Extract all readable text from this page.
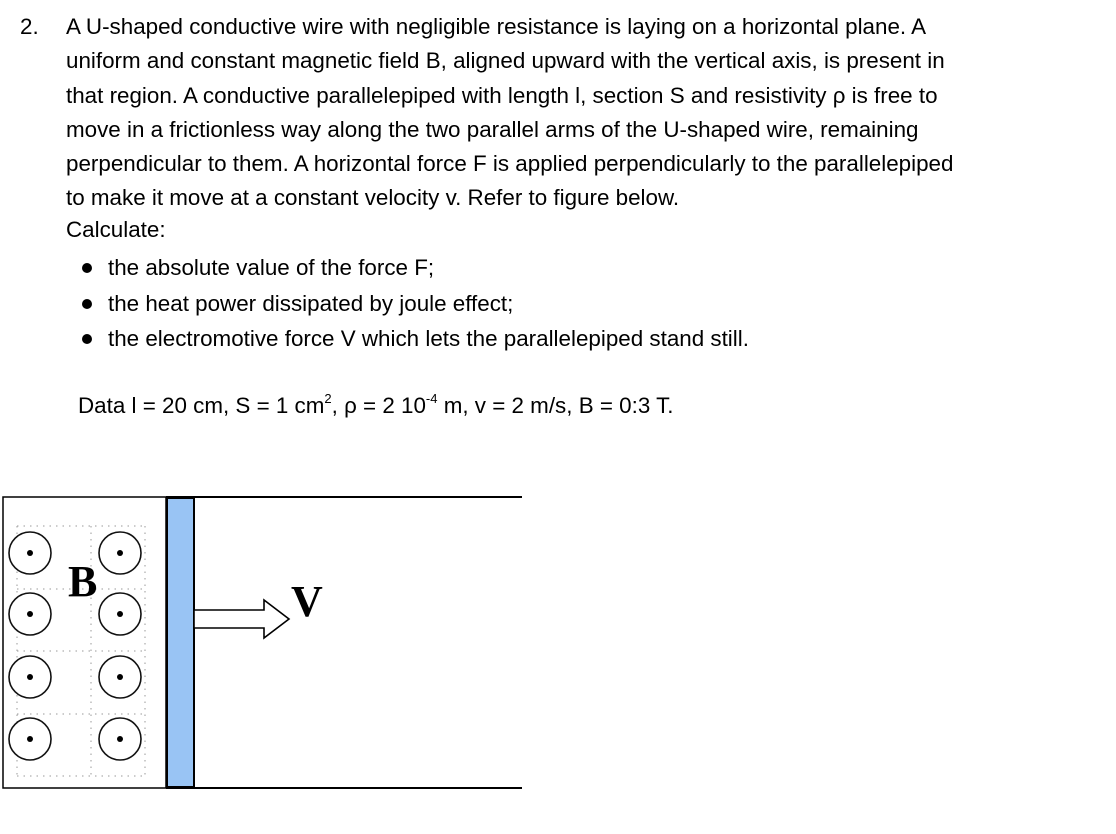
2.	A U-shaped conductive wire with negligible resistance is laying on a horizontal plane. A
uniform and constant magnetic field B, aligned upward with the vertical axis, is present in
that region. A conductive parallelepiped with length l, section S and resistivity ρ is free to
move in a frictionless way along the two parallel arms of the U-shaped wire, remaining
perpendicular to them. A horizontal force F is applied perpendicularly to the parallelepiped
to make it move at a constant velocity v. Refer to figure below.
Calculate:
the absolute value of the force F;
the heat power dissipated by joule effect;
the electromotive force V which lets the parallelepiped stand still.
Data l = 20 cm, S = 1 $cm^2$, ρ = 2 $10^{-4}$ m, v = 2 m/s, B = 0:3 T.
B	V
